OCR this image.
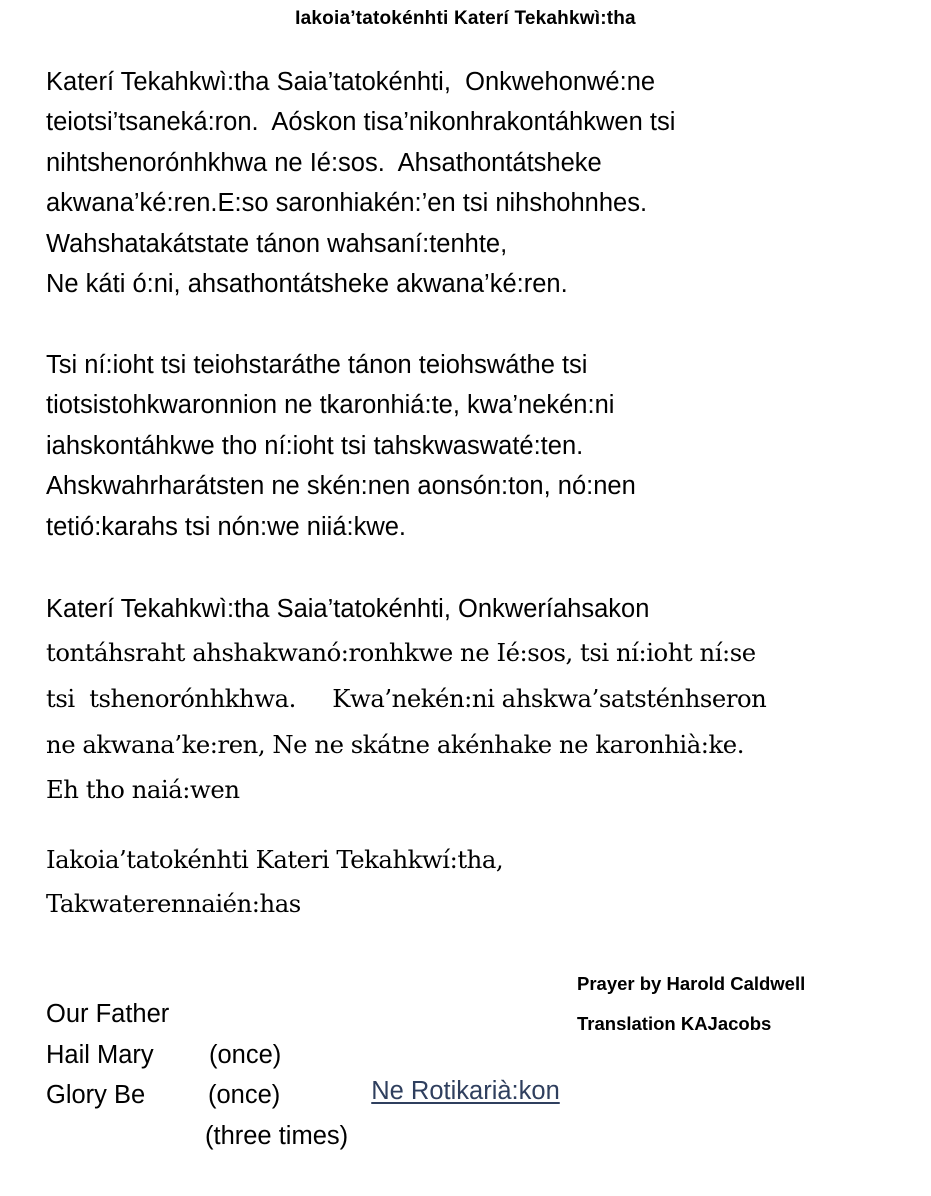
Iakoia’tatokénhti Katerí Tekahkwì:tha
Katerí Tekahkwì:tha Saia’tatokénhti,  Onkwehonwé:ne
teiotsi’tsaneká:ron.  Aóskon tisa’nikonhrakontáhkwen tsi
nihtshenorónhkhwa ne Ié:sos.  Ahsathontátsheke
akwana’ké:ren.E:so saronhiakén:’en tsi nihshohnhes.
Wahshatakátstate tánon wahsaní:tenhte,
Ne káti ó:ni, ahsathontátsheke akwana’ké:ren.
Tsi ní:ioht tsi teiohstaráthe tánon teiohswáthe tsi
tiotsistohkwaronnion ne tkaronhiá:te, kwa’nekén:ni
iahskontáhkwe tho ní:ioht tsi tahskwaswaté:ten.
Ahskwahrharátsten ne skén:nen aonsón:ton, nó:nen
tetió:karahs tsi nón:we niiá:kwe.
Katerí Tekahkwì:tha Saia’tatokénhti, Onkweríahsakon
tontáhsraht ahshakwanó:ronhkwe ne Ié:sos, tsi ní:ioht ní:se
tsi  tshenorónhkhwa.     Kwa’nekén:ni ahskwa’satsténhseron
ne akwana’ke:ren, Ne ne skátne akénhake ne karonhià:ke.
Eh tho naiá:wen
Iakoia’tatokénhti Kateri Tekahkwí:tha,
Takwaterennaién:has

Our Father

(once)

Hail Mary

(once)

Glory Be

(three times)

Prayer by Harold Caldwell
Translation KAJacobs
Ne Rotikarià:kon
